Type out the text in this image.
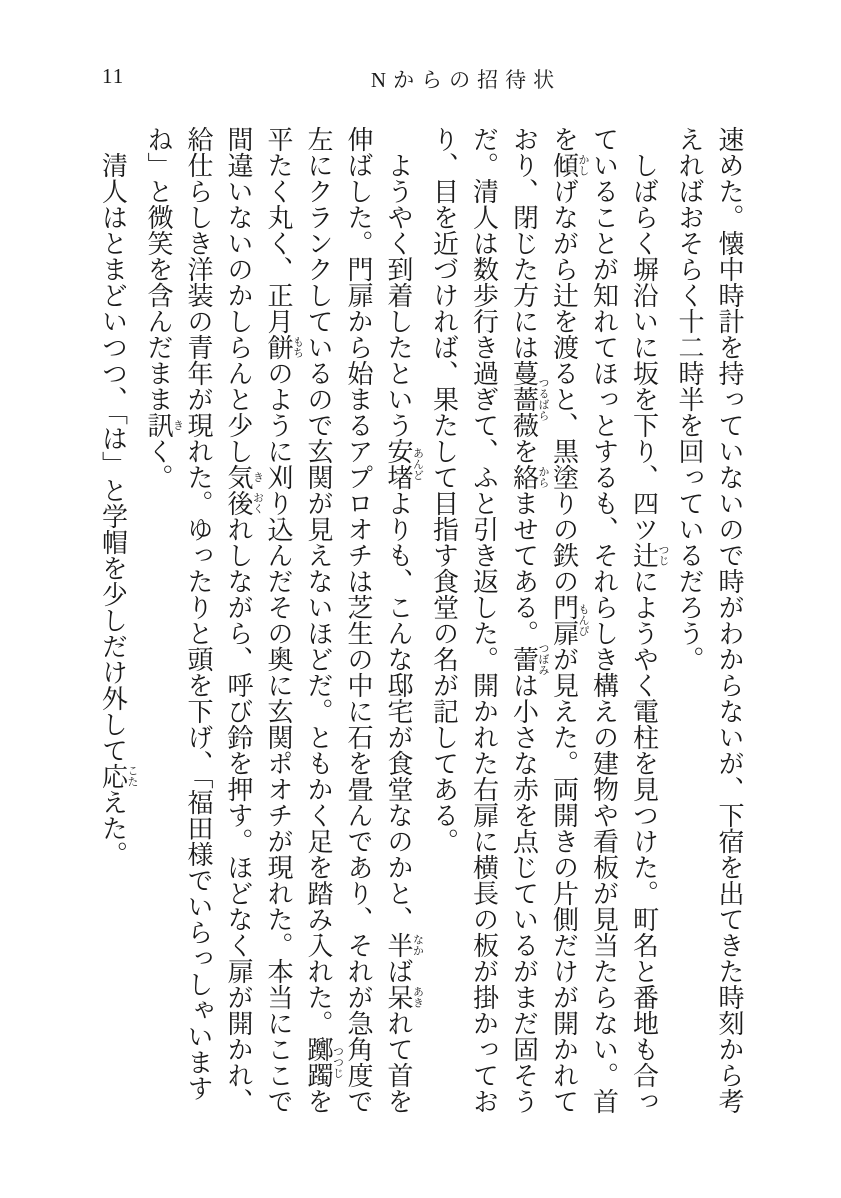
11	Nからの招待状

速めた。懐中時計を持っていないので時がわからないが、下宿を出てきた時刻から考えればおそらく十二時半を回っているだろう。

しばらく塀沿いに坂を下り、四ツ辻つじにようやく電柱を見つけた。町名と番地も合っていることが知れてほっとするも、それらしき構えの建物や看板が見当たらない。首を傾かしげながら辻を渡ると、黒塗りの鉄の門扉もんぴが見えた。両開きの片側だけが開かれており、閉じた方には蔓薔薇つるばらを絡からませてある。蕾つぼみは小さな赤を点じているがまだ固そうだ。清人は数歩行き過ぎて、ふと引き返した。開かれた右扉に横長の板が掛かっており、目を近づければ、果たして目指す食堂の名が記してある。

ようやく到着したという安堵あんどよりも、こんな邸宅が食堂なのかと、半なかば呆あきれて首を伸ばした。門扉から始まるアプロオチは芝生の中に石を畳んであり、それが急角度で左にクランクしているので玄関が見えないほどだ。ともかく足を踏み入れた。躑躅つつじを平たく丸く、正月餅もちのように刈り込んだその奥に玄関ポオチが現れた。本当にここで間違いないのかしらんと少し気き後おくれしながら、呼び鈴を押す。ほどなく扉が開かれ、給仕らしき洋装の青年が現れた。ゆったりと頭を下げ、「福田様でいらっしゃいますね」と微笑を含んだまま訊きく。

清人はとまどいつつ、「は」と学帽を少しだけ外して応こたえた。
